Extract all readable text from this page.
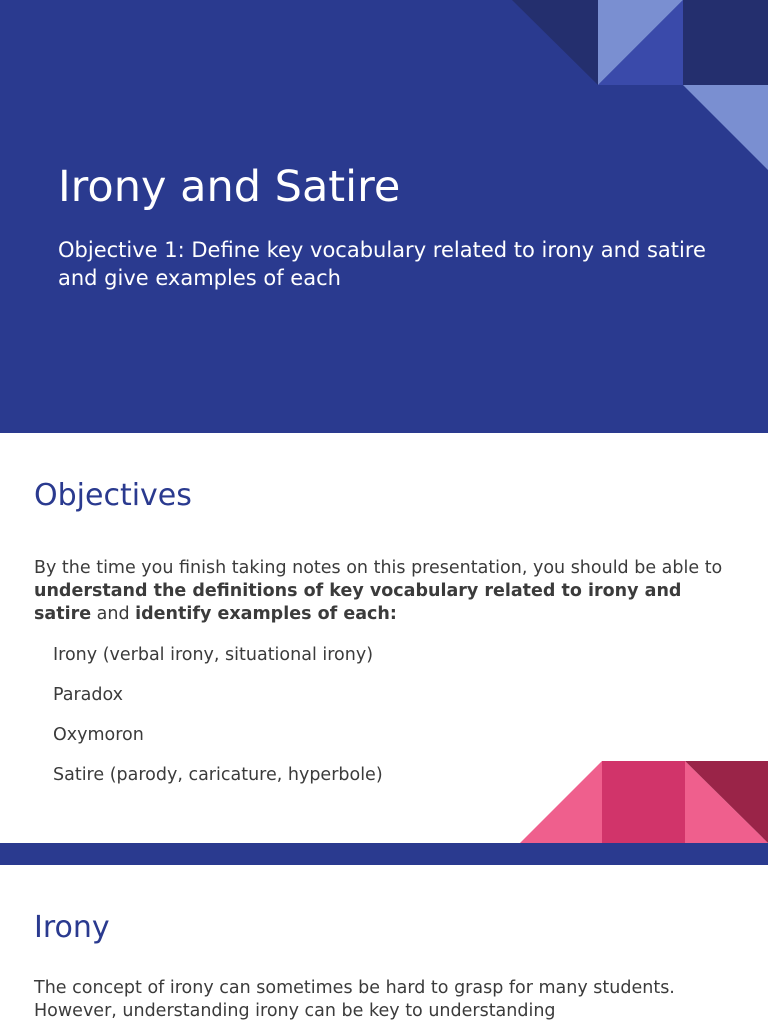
Irony and Satire

Objective 1: Define key vocabulary related to irony and satire and give examples of each

Objectives

By the time you finish taking notes on this presentation, you should be able to understand the definitions of key vocabulary related to irony and satire and identify examples of each:

Irony (verbal irony, situational irony)
Paradox
Oxymoron
Satire (parody, caricature, hyperbole)
Irony

The concept of irony can sometimes be hard to grasp for many students. However, understanding irony can be key to understanding
